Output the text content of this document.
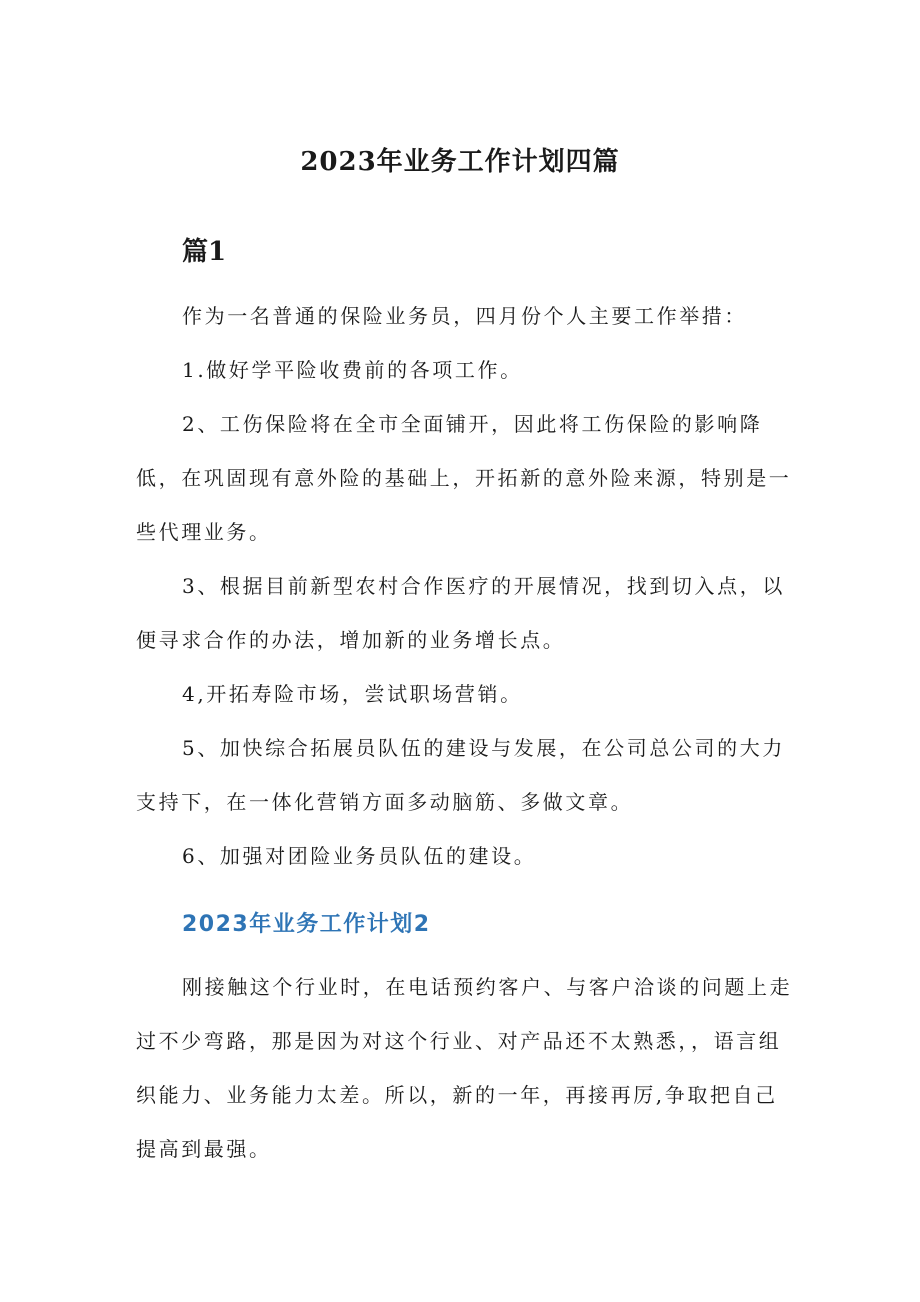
2023年业务工作计划四篇
篇1

作为一名普通的保险业务员，四月份个人主要工作举措：

1.做好学平险收费前的各项工作。

2、工伤保险将在全市全面铺开，因此将工伤保险的影响降低，在巩固现有意外险的基础上，开拓新的意外险来源，特别是一些代理业务。

3、根据目前新型农村合作医疗的开展情况，找到切入点，以便寻求合作的办法，增加新的业务增长点。

4,开拓寿险市场，尝试职场营销。

5、加快综合拓展员队伍的建设与发展，在公司总公司的大力支持下，在一体化营销方面多动脑筋、多做文章。

6、加强对团险业务员队伍的建设。

2023年业务工作计划2

刚接触这个行业时，在电话预约客户、与客户洽谈的问题上走过不少弯路，那是因为对这个行业、对产品还不太熟悉，，语言组织能力、业务能力太差。所以，新的一年，再接再厉,争取把自己提高到最强。
